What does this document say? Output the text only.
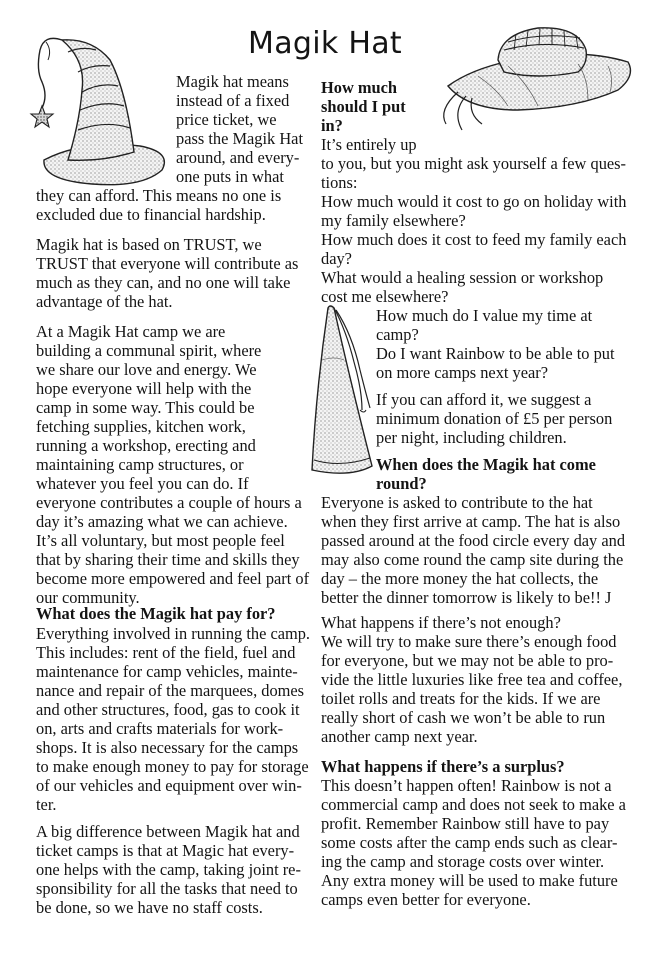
Magik Hat
Magik hat means
instead of a fixed
price ticket, we
pass the Magik Hat
around, and every-
one puts in what
they can afford. This means no one is
excluded due to financial hardship.
Magik hat is based on TRUST, we
TRUST that everyone will contribute as
much as they can, and no one will take
advantage of the hat.
At a Magik Hat camp we are
building a communal spirit, where
we share our love and energy. We
hope everyone will help with the
camp in some way. This could be
fetching supplies, kitchen work,
running a workshop, erecting and
maintaining camp structures, or
whatever you feel you can do. If
everyone contributes a couple of hours a
day it’s amazing what we can achieve.
It’s all voluntary, but most people feel
that by sharing their time and skills they
become more empowered and feel part of
our community.
What does the Magik hat pay for?
Everything involved in running the camp.
This includes: rent of the field, fuel and
maintenance for camp vehicles, mainte-
nance and repair of the marquees, domes
and other structures, food, gas to cook it
on, arts and crafts materials for work-
shops. It is also necessary for the camps
to make enough money to pay for storage
of our vehicles and equipment over win-
ter.
A big difference between Magik hat and
ticket camps is that at Magic hat every-
one helps with the camp, taking joint re-
sponsibility for all the tasks that need to
be done, so we have no staff costs.
How much
should I put
in?
It’s entirely up
to you, but you might ask yourself a few ques-
tions:
How much would it cost to go on holiday with
my family elsewhere?
How much does it cost to feed my family each
day?
What would a healing session or workshop
cost me elsewhere?
How much do I value my time at
camp?
Do I want Rainbow to be able to put
on more camps next year?
If you can afford it, we suggest a
minimum donation of £5 per person
per night, including children.
When does the Magik hat come
round?
Everyone is asked to contribute to the hat
when they first arrive at camp. The hat is also
passed around at the food circle every day and
may also come round the camp site during the
day – the more money the hat collects, the
better the dinner tomorrow is likely to be!! J
What happens if there’s not enough?
We will try to make sure there’s enough food
for everyone, but we may not be able to pro-
vide the little luxuries like free tea and coffee,
toilet rolls and treats for the kids. If we are
really short of cash we won’t be able to run
another camp next year.
What happens if there’s a surplus?
This doesn’t happen often! Rainbow is not a
commercial camp and does not seek to make a
profit. Remember Rainbow still have to pay
some costs after the camp ends such as clear-
ing the camp and storage costs over winter.
Any extra money will be used to make future
camps even better for everyone.
